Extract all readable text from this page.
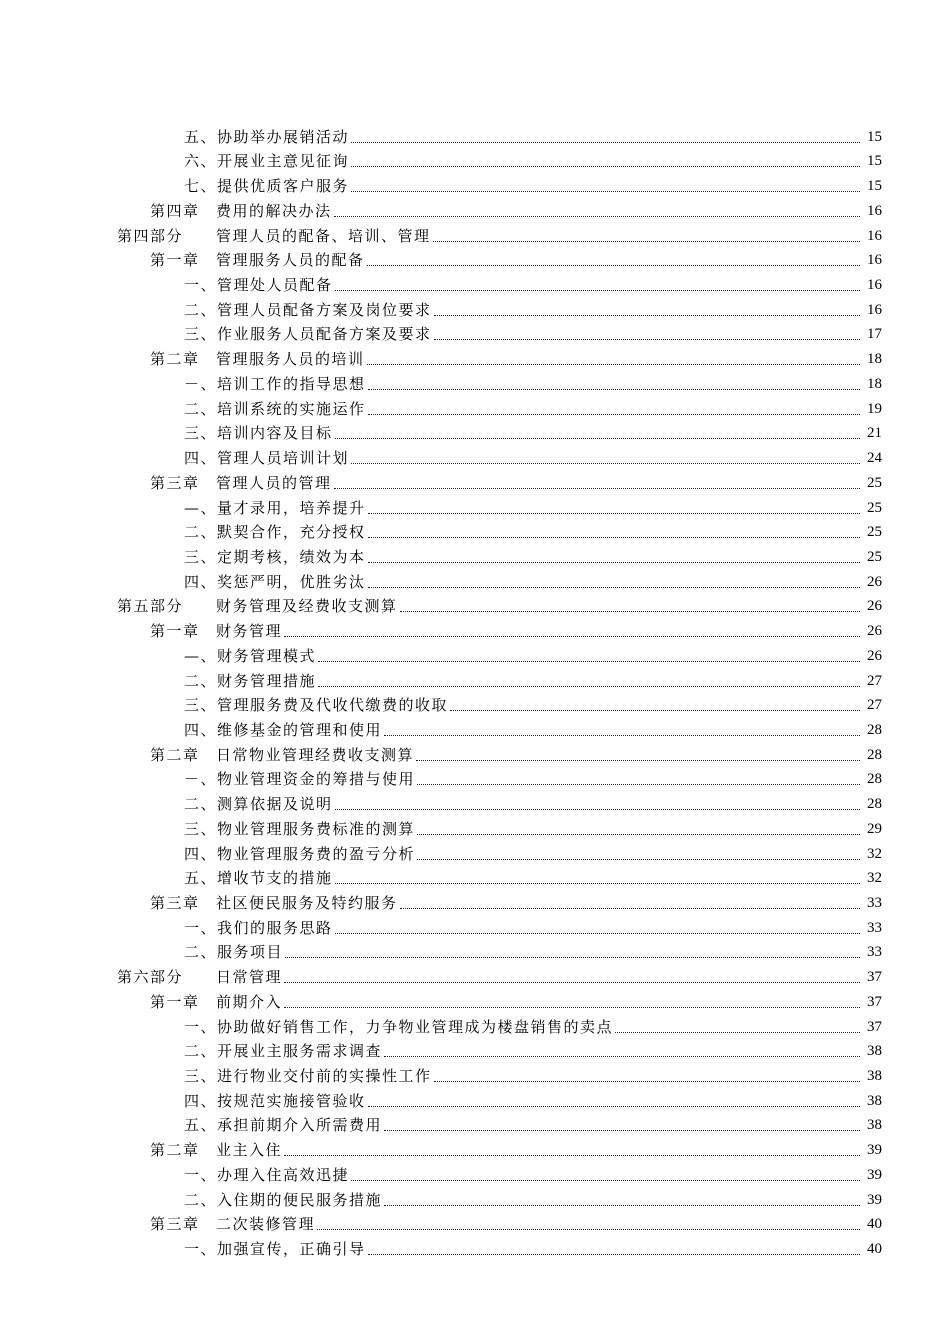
五、协助举办展销活动	15
六、开展业主意见征询	15
七、提供优质客户服务	15
第四章　费用的解决办法	16
第四部分　　管理人员的配备、培训、管理	16
第一章　管理服务人员的配备	16
一、管理处人员配备	16
二、管理人员配备方案及岗位要求	16
三、作业服务人员配备方案及要求	17
第二章　管理服务人员的培训	18
－、培训工作的指导思想	18
二、培训系统的实施运作	19
三、培训内容及目标	21
四、管理人员培训计划	24
第三章　管理人员的管理	25
—、量才录用，培养提升	25
二、默契合作，充分授权	25
三、定期考核，绩效为本	25
四、奖惩严明，优胜劣汰	26
第五部分　　财务管理及经费收支测算	26
第一章　财务管理	26
—、财务管理模式	26
二、财务管理措施	27
三、管理服务费及代收代缴费的收取	27
四、维修基金的管理和使用	28
第二章　日常物业管理经费收支测算	28
－、物业管理资金的筹措与使用	28
二、测算依据及说明	28
三、物业管理服务费标准的测算	29
四、物业管理服务费的盈亏分析	32
五、增收节支的措施	32
第三章　社区便民服务及特约服务	33
一、我们的服务思路	33
二、服务项目	33
第六部分　　日常管理	37
第一章　前期介入	37
一、协助做好销售工作，力争物业管理成为楼盘销售的卖点	37
二、开展业主服务需求调查	38
三、进行物业交付前的实操性工作	38
四、按规范实施接管验收	38
五、承担前期介入所需费用	38
第二章　业主入住	39
一、办理入住高效迅捷	39
二、入住期的便民服务措施	39
第三章　二次装修管理	40
一、加强宣传，正确引导	40
